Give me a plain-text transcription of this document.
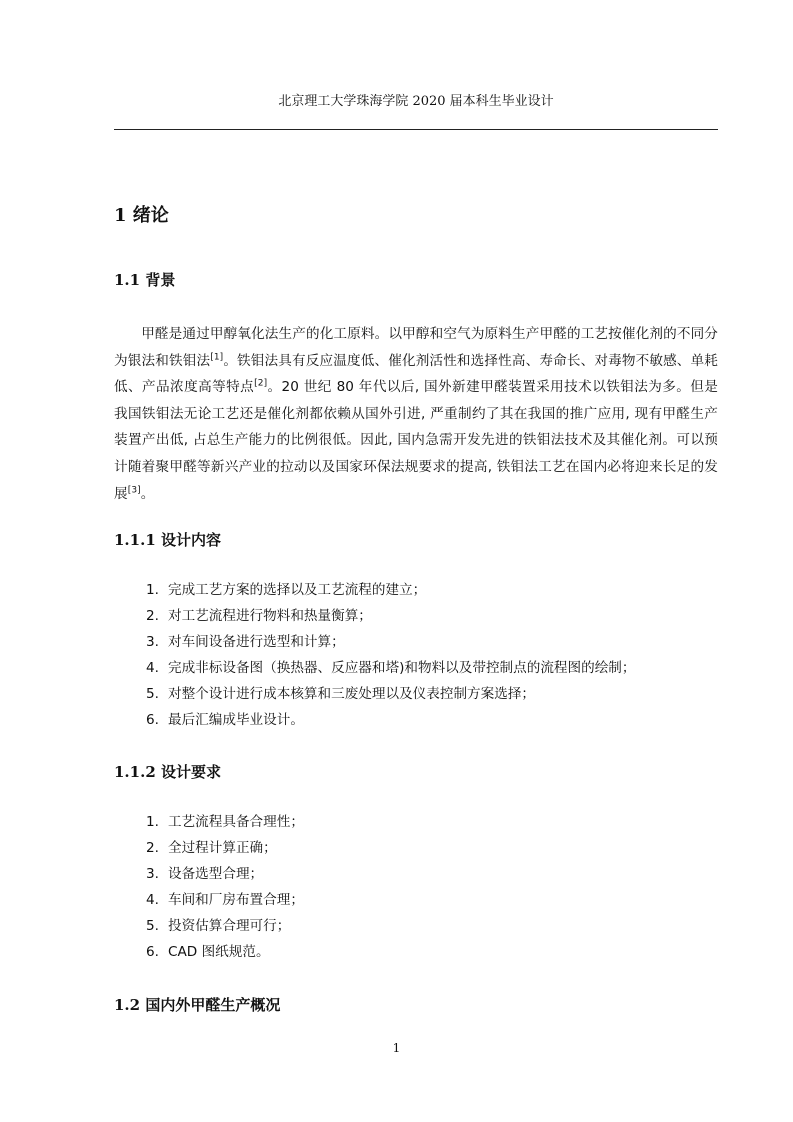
北京理工大学珠海学院 2020 届本科生毕业设计
1 绪论
1.1 背景

甲醛是通过甲醇氧化法生产的化工原料。以甲醇和空气为原料生产甲醛的工艺按催化剂的不同分为银法和铁钼法[1]。铁钼法具有反应温度低、催化剂活性和选择性高、寿命长、对毒物不敏感、单耗低、产品浓度高等特点[2]。20 世纪 80 年代以后, 国外新建甲醛装置采用技术以铁钼法为多。但是我国铁钼法无论工艺还是催化剂都依赖从国外引进, 严重制约了其在我国的推广应用, 现有甲醛生产装置产出低, 占总生产能力的比例很低。因此, 国内急需开发先进的铁钼法技术及其催化剂。可以预计随着聚甲醛等新兴产业的拉动以及国家环保法规要求的提高, 铁钼法工艺在国内必将迎来长足的发展[3]。

1.1.1 设计内容
1. 完成工艺方案的选择以及工艺流程的建立；
2. 对工艺流程进行物料和热量衡算；
3. 对车间设备进行选型和计算；
4. 完成非标设备图（换热器、反应器和塔)和物料以及带控制点的流程图的绘制；
5. 对整个设计进行成本核算和三废处理以及仪表控制方案选择；
6. 最后汇编成毕业设计。
1.1.2 设计要求
1. 工艺流程具备合理性；
2. 全过程计算正确；
3. 设备选型合理；
4. 车间和厂房布置合理；
5. 投资估算合理可行；
6. CAD 图纸规范。
1.2 国内外甲醛生产概况
1
